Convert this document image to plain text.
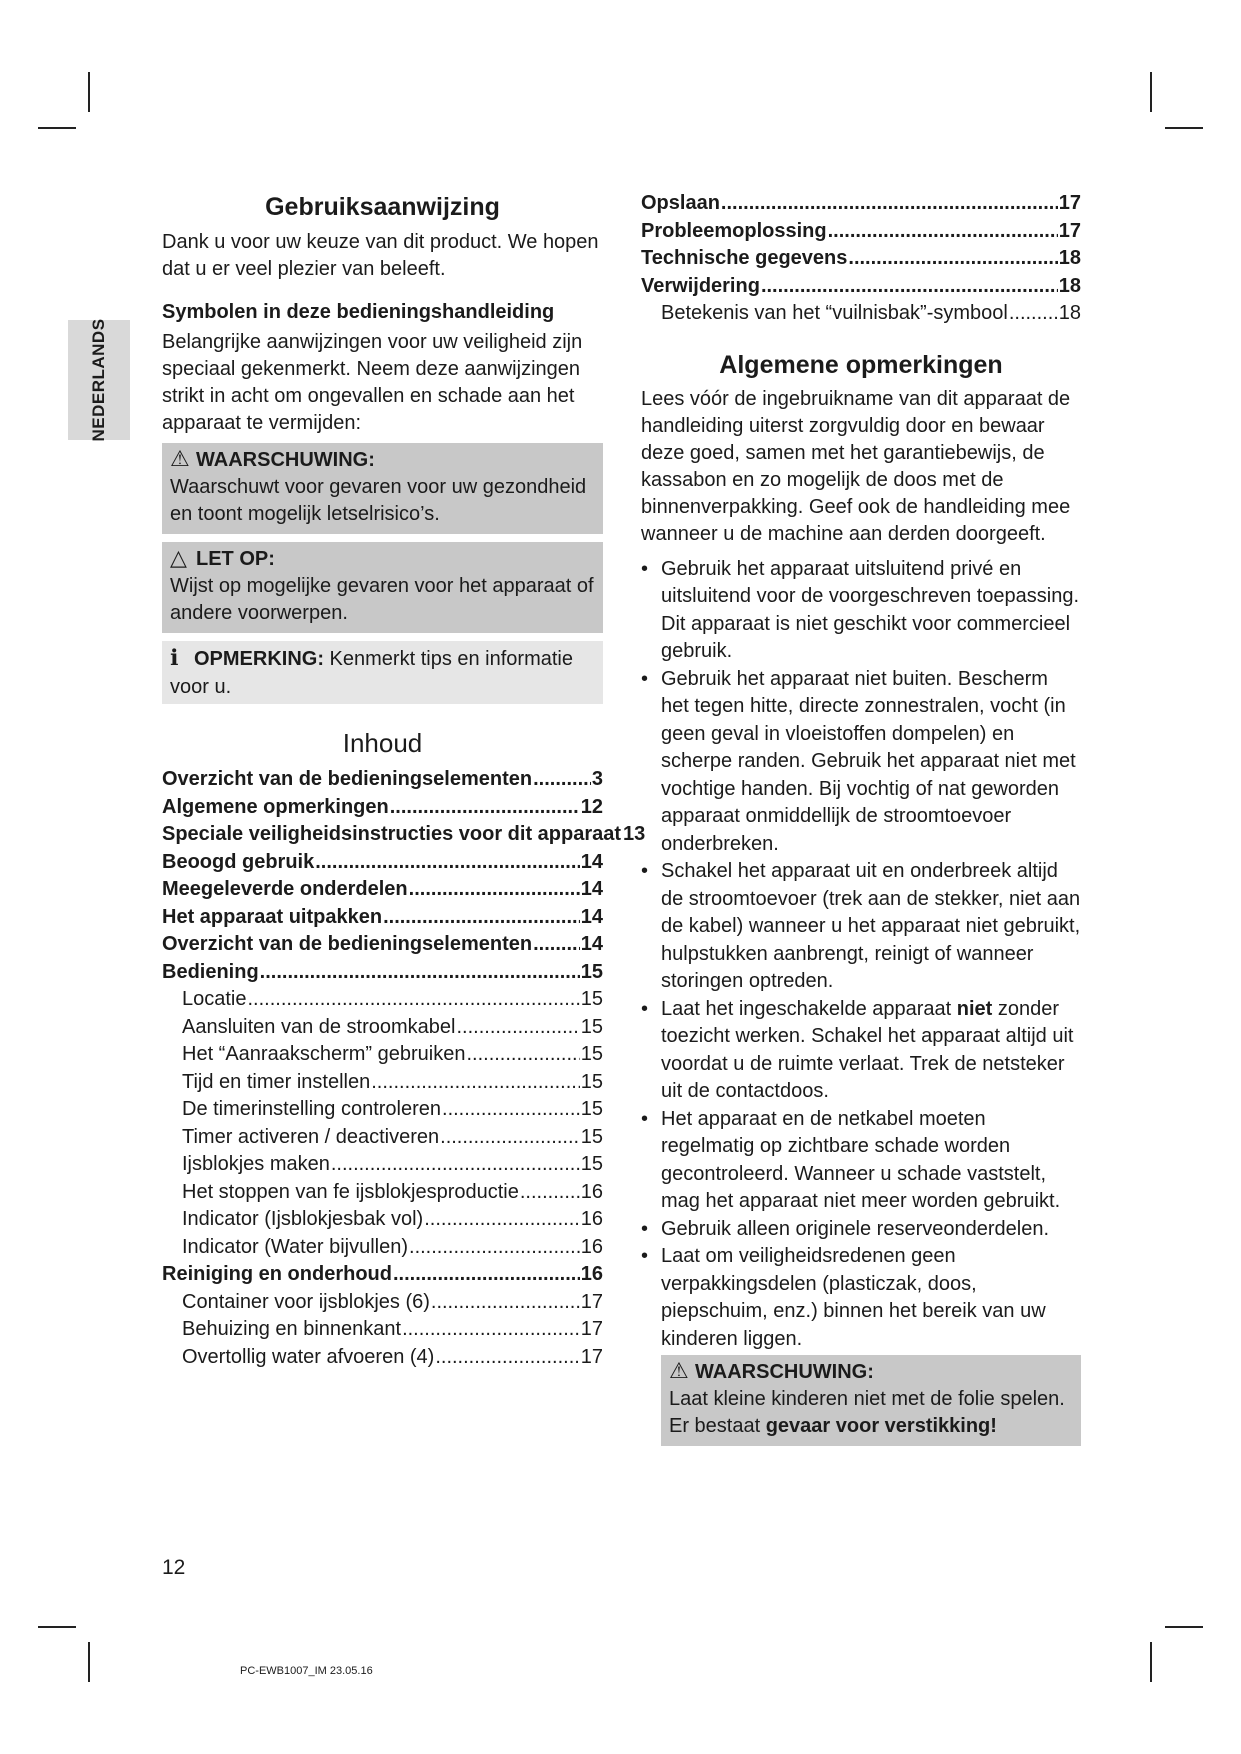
NEDERLANDS
Gebruiksaanwijzing

Dank u voor uw keuze van dit product. We hopen dat u er veel plezier van beleeft.

Symbolen in deze bedieningshandleiding

Belangrijke aanwijzingen voor uw veiligheid zijn speciaal gekenmerkt. Neem deze aanwijzingen strikt in acht om ongevallen en schade aan het apparaat te vermijden:

⚠ WAARSCHUWING:
Waarschuwt voor gevaren voor uw gezondheid en toont mogelijk letselrisico’s.
△ LET OP:
Wijst op mogelijke gevaren voor het apparaat of andere voorwerpen.
ℹ OPMERKING: Kenmerkt tips en informatie voor u.
Inhoud
Overzicht van de bedieningselementen .....	3
Algemene opmerkingen .....	12
Speciale veiligheidsinstructies voor dit apparaat 13
Beoogd gebruik .....	14
Meegeleverde onderdelen .....	14
Het apparaat uitpakken .....	14
Overzicht van de bedieningselementen ..... 14
Bediening .....	15
Locatie .....	15
Aansluiten van de stroomkabel .....	15
Het “Aanraakscherm” gebruiken .....	15
Tijd en timer instellen .....	15
De timerinstelling controleren .....	15
Timer activeren / deactiveren .....	15
Ijsblokjes maken .....	15
Het stoppen van fe ijsblokjesproductie .....	16
Indicator (Ijsblokjesbak vol) .....	16
Indicator (Water bijvullen) .....	16
Reiniging en onderhoud .....	16
Container voor ijsblokjes (6) .....	17
Behuizing en binnenkant .....	17
Overtollig water afvoeren (4) .....	17
Opslaan .....	17
Probleemoplossing .....	17
Technische gegevens .....	18
Verwijdering .....	18
Betekenis van het “vuilnisbak”-symbool .....	18
Algemene opmerkingen

Lees vóór de ingebruikname van dit apparaat de handleiding uiterst zorgvuldig door en bewaar deze goed, samen met het garantiebewijs, de kassabon en zo mogelijk de doos met de binnenverpakking. Geef ook de handleiding mee wanneer u de machine aan derden doorgeeft.

• Gebruik het apparaat uitsluitend privé en uitsluitend voor de voorgeschreven toepassing. Dit apparaat is niet geschikt voor commercieel gebruik.
• Gebruik het apparaat niet buiten. Bescherm het tegen hitte, directe zonnestralen, vocht (in geen geval in vloeistoffen dompelen) en scherpe randen. Gebruik het apparaat niet met vochtige handen. Bij vochtig of nat geworden apparaat onmiddellijk de stroomtoevoer onderbreken.
• Schakel het apparaat uit en onderbreek altijd de stroomtoevoer (trek aan de stekker, niet aan de kabel) wanneer u het apparaat niet gebruikt, hulpstukken aanbrengt, reinigt of wanneer storingen optreden.
• Laat het ingeschakelde apparaat niet zonder toezicht werken. Schakel het apparaat altijd uit voordat u de ruimte verlaat. Trek de netsteker uit de contactdoos.
• Het apparaat en de netkabel moeten regelmatig op zichtbare schade worden gecontroleerd. Wanneer u schade vaststelt, mag het apparaat niet meer worden gebruikt.
• Gebruik alleen originele reserveonderdelen.
• Laat om veiligheidsredenen geen verpakkingsdelen (plasticzak, doos, piepschuim, enz.) binnen het bereik van uw kinderen liggen.
⚠ WAARSCHUWING:
Laat kleine kinderen niet met de folie spelen. Er bestaat gevaar voor verstikking!
12
PC-EWB1007_IM 23.05.16
